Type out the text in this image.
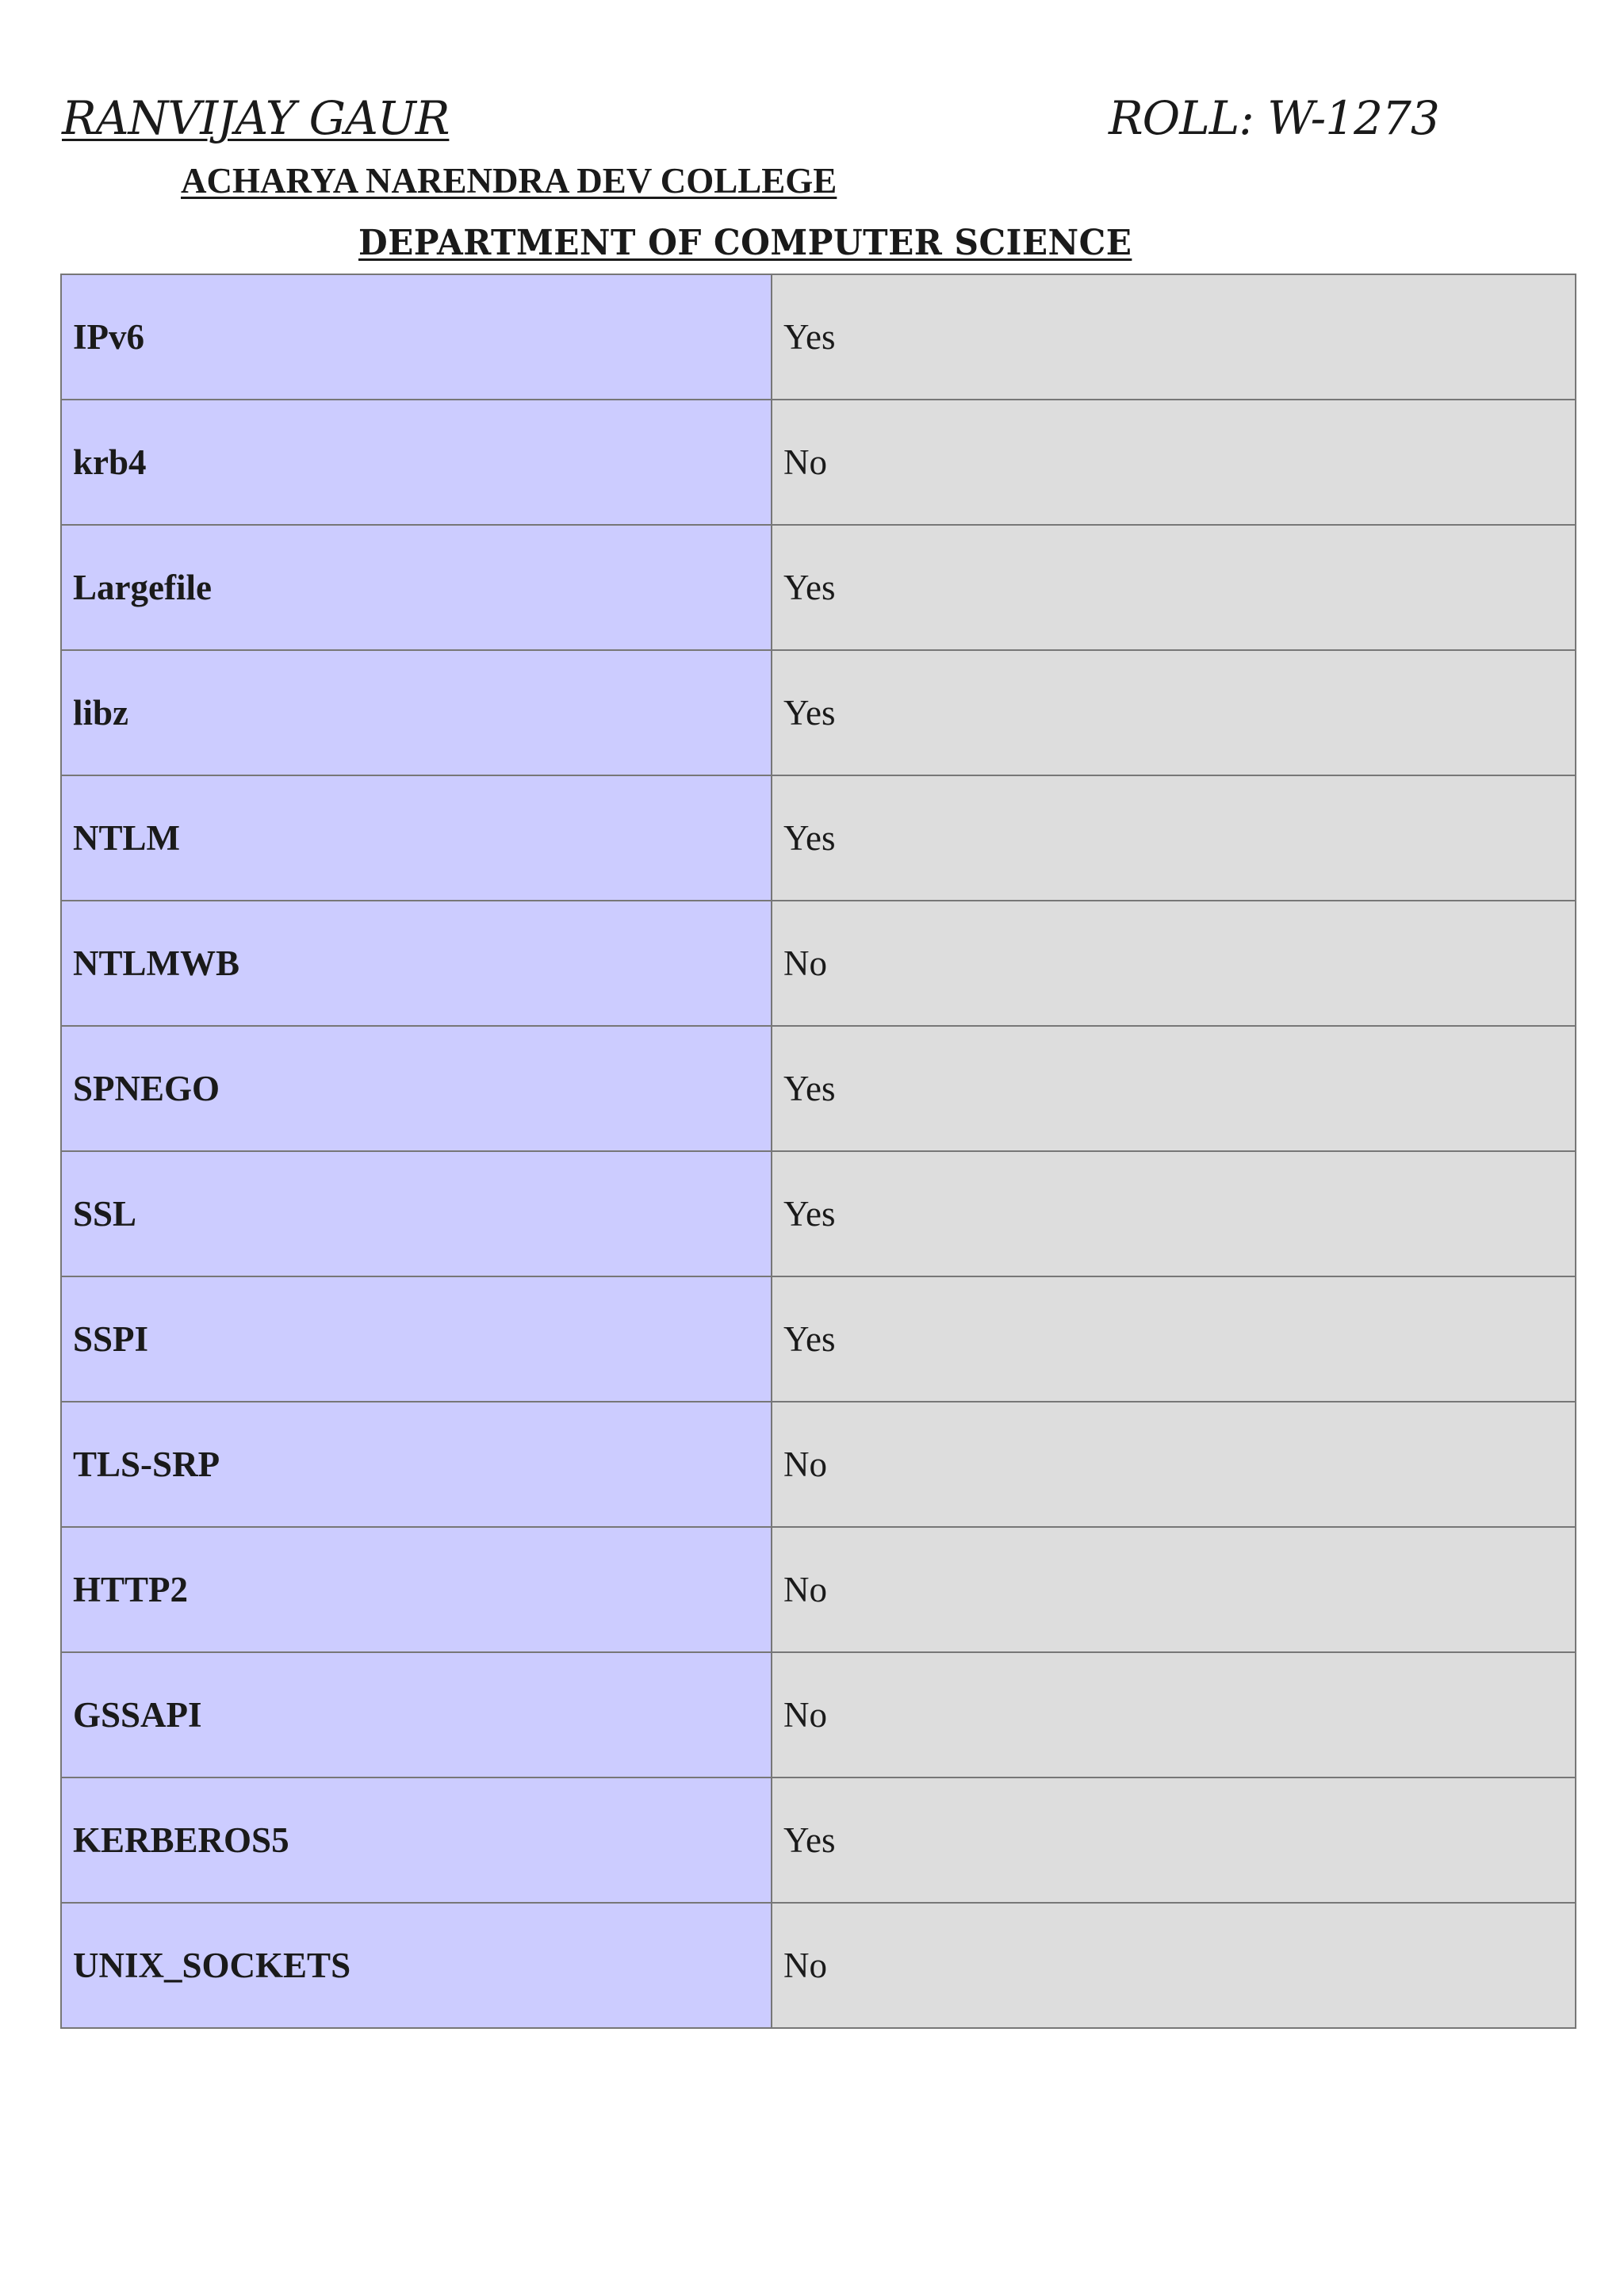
RANVIJAY GAUR	ROLL: W-1273
ACHARYA NARENDRA DEV COLLEGE
DEPARTMENT OF COMPUTER SCIENCE
IPv6	Yes
krb4	No
Largefile	Yes
libz	Yes
NTLM	Yes
NTLMWB	No
SPNEGO	Yes
SSL	Yes
SSPI	Yes
TLS-SRP	No
HTTP2	No
GSSAPI	No
KERBEROS5	Yes
UNIX_SOCKETS	No
